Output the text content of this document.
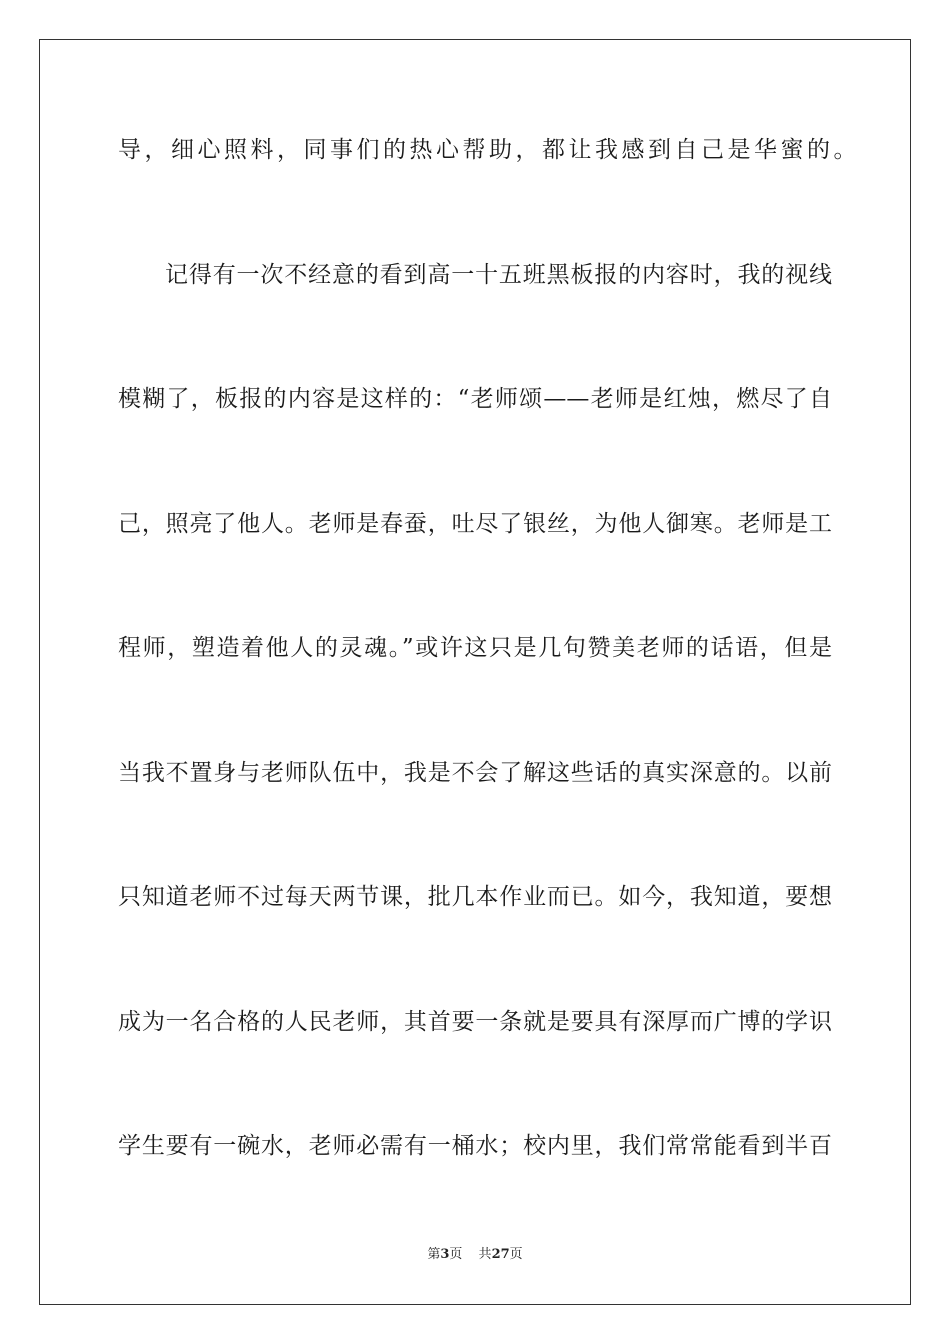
导，细心照料，同事们的热心帮助，都让我感到自己是华蜜的。
记得有一次不经意的看到高一十五班黑板报的内容时，我的视线
模糊了，板报的内容是这样的：“老师颂——老师是红烛，燃尽了自
己，照亮了他人。老师是春蚕，吐尽了银丝，为他人御寒。老师是工
程师，塑造着他人的灵魂。”或许这只是几句赞美老师的话语，但是
当我不置身与老师队伍中，我是不会了解这些话的真实深意的。以前
只知道老师不过每天两节课，批几本作业而已。如今，我知道，要想
成为一名合格的人民老师，其首要一条就是要具有深厚而广博的学识
学生要有一碗水，老师必需有一桶水；校内里，我们常常能看到半百
第3页 共27页
